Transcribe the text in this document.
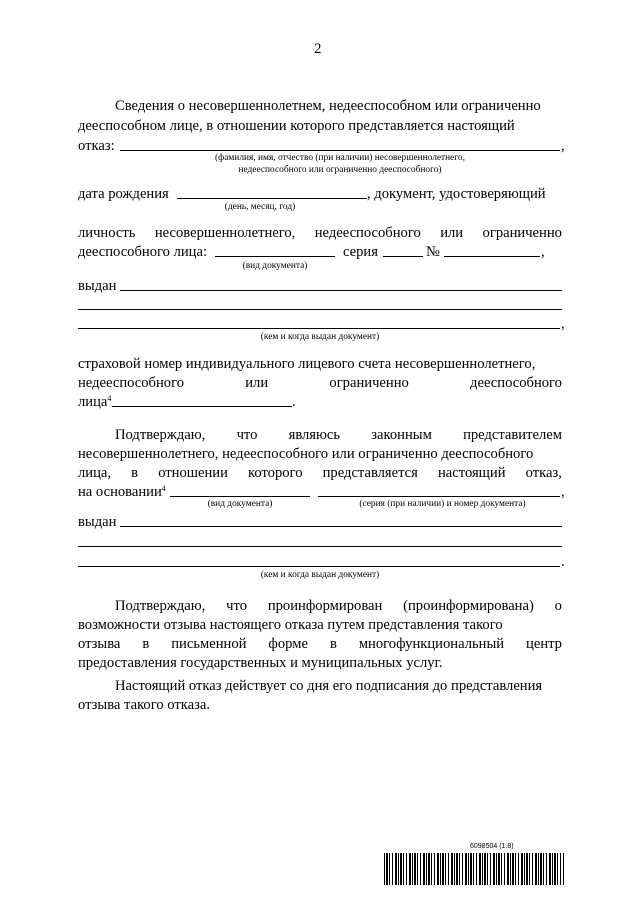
2
Сведения о несовершеннолетнем, недееспособном или ограниченно
дееспособном лице, в отношении которого представляется настоящий
отказ:	,
(фамилия, имя, отчество (при наличии) несовершеннолетнего,
недееспособного или ограниченно дееспособного)
дата рождения	, документ, удостоверяющий
(день, месяц, год)
личность несовершеннолетнего, недееспособного или ограниченно
дееспособного лица:	серия	№	,
(вид документа)
выдан
,
(кем и когда выдан документ)
страховой номер индивидуального лицевого счета несовершеннолетнего,
недееспособного	или	ограниченно	дееспособного
лица$^4$	.
Подтверждаю, что являюсь законным представителем
несовершеннолетнего, недееспособного или ограниченно дееспособного
лица, в отношении которого представляется настоящий отказ,
на основании$^4$	,
(вид документа)	(серия (при наличии) и номер документа)
выдан
.
(кем и когда выдан документ)
Подтверждаю, что проинформирован (проинформирована) о
возможности отзыва настоящего отказа путем представления такого
отзыва в письменной форме в многофункциональный центр
предоставления государственных и муниципальных услуг.
Настоящий отказ действует со дня его подписания до представления
отзыва такого отказа.
6098504 (1.8)
